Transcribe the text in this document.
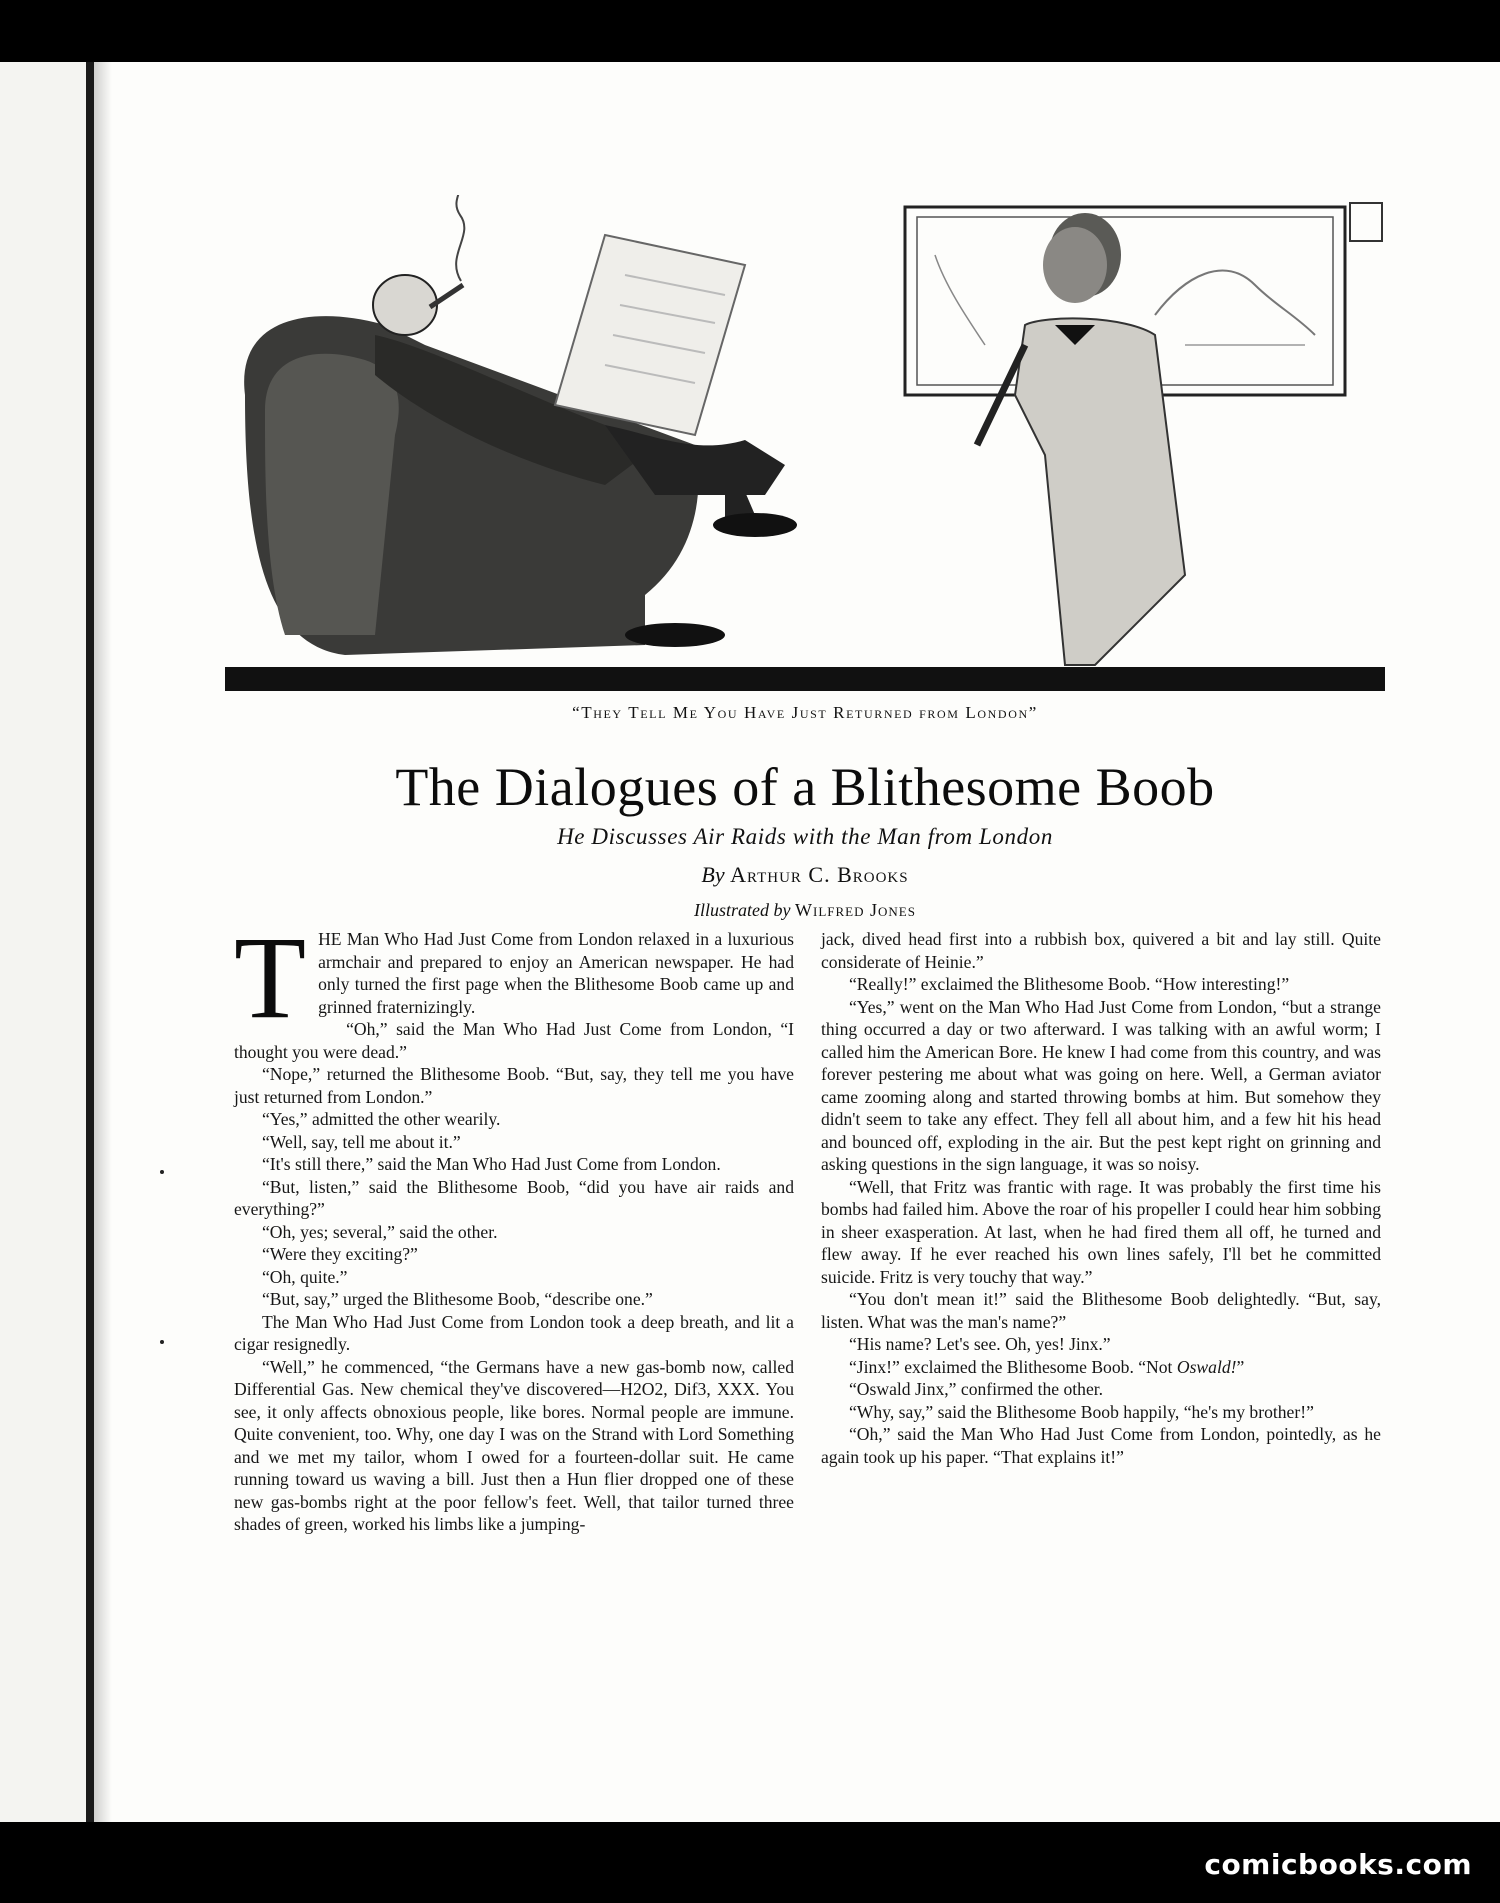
“They Tell Me You Have Just Returned from London”
The Dialogues of a Blithesome Boob
He Discusses Air Raids with the Man from London
By Arthur C. Brooks
Illustrated by Wilfred Jones

THE Man Who Had Just Come from London relaxed in a luxurious armchair and prepared to enjoy an American newspaper. He had only turned the first page when the Blithesome Boob came up and grinned fraternizingly.

“Oh,” said the Man Who Had Just Come from London, “I thought you were dead.”

“Nope,” returned the Blithesome Boob. “But, say, they tell me you have just returned from London.”

“Yes,” admitted the other wearily.

“Well, say, tell me about it.”

“It's still there,” said the Man Who Had Just Come from London.

“But, listen,” said the Blithesome Boob, “did you have air raids and everything?”

“Oh, yes; several,” said the other.

“Were they exciting?”

“Oh, quite.”

“But, say,” urged the Blithesome Boob, “describe one.”

The Man Who Had Just Come from London took a deep breath, and lit a cigar resignedly.

“Well,” he commenced, “the Germans have a new gas-bomb now, called Differential Gas. New chemical they've discovered—H2O2, Dif3, XXX. You see, it only affects obnoxious people, like bores. Normal people are immune. Quite convenient, too. Why, one day I was on the Strand with Lord Something and we met my tailor, whom I owed for a fourteen-dollar suit. He came running toward us waving a bill. Just then a Hun flier dropped one of these new gas-bombs right at the poor fellow's feet. Well, that tailor turned three shades of green, worked his limbs like a jumping-

jack, dived head first into a rubbish box, quivered a bit and lay still. Quite considerate of Heinie.”

“Really!” exclaimed the Blithesome Boob. “How interesting!”

“Yes,” went on the Man Who Had Just Come from London, “but a strange thing occurred a day or two afterward. I was talking with an awful worm; I called him the American Bore. He knew I had come from this country, and was forever pestering me about what was going on here. Well, a German aviator came zooming along and started throwing bombs at him. But somehow they didn't seem to take any effect. They fell all about him, and a few hit his head and bounced off, exploding in the air. But the pest kept right on grinning and asking questions in the sign language, it was so noisy.

“Well, that Fritz was frantic with rage. It was probably the first time his bombs had failed him. Above the roar of his propeller I could hear him sobbing in sheer exasperation. At last, when he had fired them all off, he turned and flew away. If he ever reached his own lines safely, I'll bet he committed suicide. Fritz is very touchy that way.”

“You don't mean it!” said the Blithesome Boob delightedly. “But, say, listen. What was the man's name?”

“His name? Let's see. Oh, yes! Jinx.”

“Jinx!” exclaimed the Blithesome Boob. “Not Oswald!”

“Oswald Jinx,” confirmed the other.

“Why, say,” said the Blithesome Boob happily, “he's my brother!”

“Oh,” said the Man Who Had Just Come from London, pointedly, as he again took up his paper. “That explains it!”

comicbooks.com
